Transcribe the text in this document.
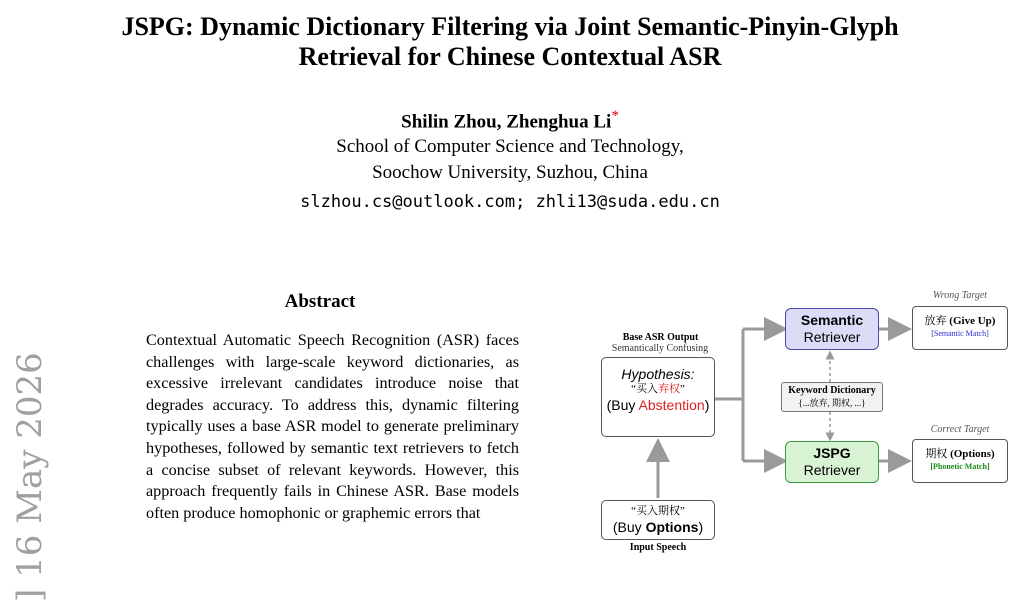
JSPG: Dynamic Dictionary Filtering via Joint Semantic-Pinyin-Glyph
Retrieval for Chinese Contextual ASR
Shilin Zhou, Zhenghua Li*
School of Computer Science and Technology,
Soochow University, Suzhou, China
slzhou.cs@outlook.com; zhli13@suda.edu.cn
] 16 May 2026
Abstract
Contextual Automatic Speech Recognition (ASR) faces challenges with large-scale keyword dictionaries, as excessive irrelevant candidates introduce noise that degrades accuracy. To address this, dynamic filtering typically uses a base ASR model to generate preliminary hypotheses, followed by semantic text retrievers to fetch a concise subset of relevant keywords. However, this approach frequently fails in Chinese ASR. Base models often produce homophonic or graphemic errors that
Base ASR Output
Semantically Confusing
Hypothesis:
“买入弃权”
(Buy Abstention)
“买入期权”
(Buy Options)
Input Speech
Semantic
Retriever
Keyword Dictionary
{...放弃, 期权, ...}
JSPG
Retriever
Wrong Target
放弃 (Give Up)
[Semantic Match]
Correct Target
期权 (Options)
[Phonetic Match]
